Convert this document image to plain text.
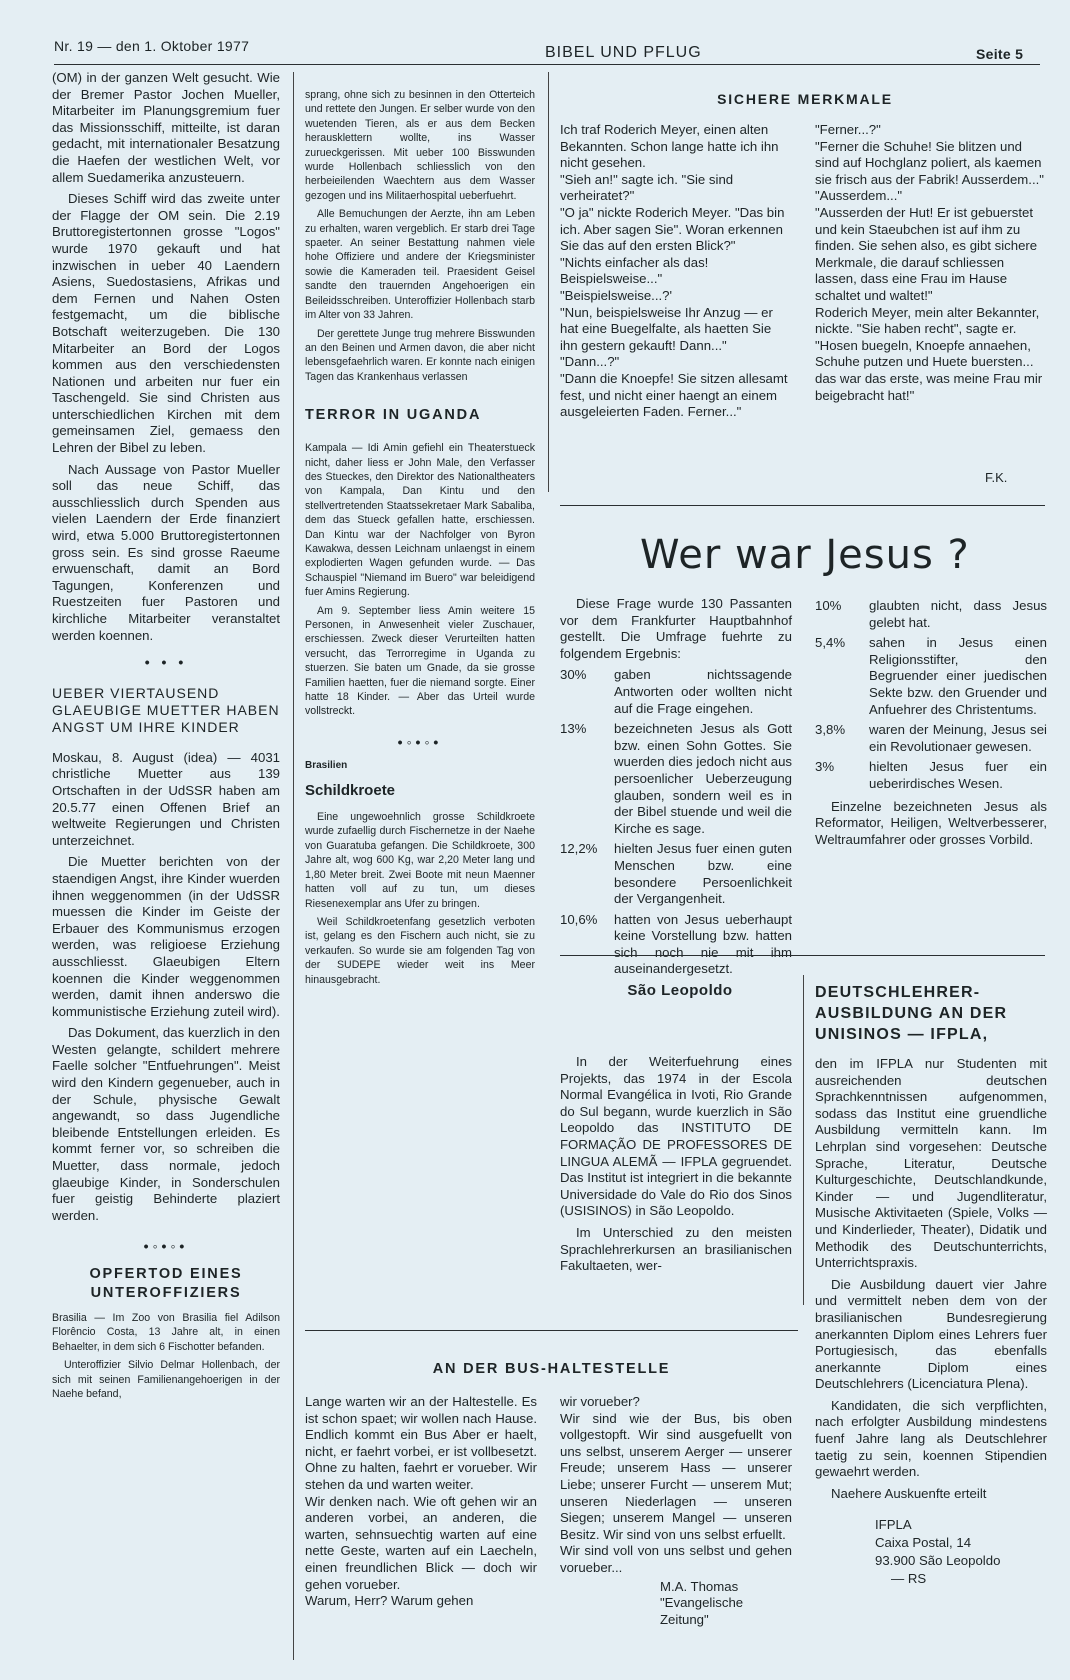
Nr. 19 — den 1. Oktober 1977	BIBEL UND PFLUG	Seite 5

(OM) in der ganzen Welt gesucht. Wie der Bremer Pastor Jochen Mueller, Mitarbeiter im Planungsgremium fuer das Missionsschiff, mitteilte, ist daran gedacht, mit internationaler Besatzung die Haefen der westlichen Welt, vor allem Suedamerika anzusteuern.

Dieses Schiff wird das zweite unter der Flagge der OM sein. Die 2.19 Bruttoregistertonnen grosse "Logos" wurde 1970 gekauft und hat inzwischen in ueber 40 Laendern Asiens, Suedostasiens, Afrikas und dem Fernen und Nahen Osten festgemacht, um die biblische Botschaft weiterzugeben. Die 130 Mitarbeiter an Bord der Logos kommen aus den verschiedensten Nationen und arbeiten nur fuer ein Taschengeld. Sie sind Christen aus unterschiedlichen Kirchen mit dem gemeinsamen Ziel, gemaess den Lehren der Bibel zu leben.

Nach Aussage von Pastor Mueller soll das neue Schiff, das ausschliesslich durch Spenden aus vielen Laendern der Erde finanziert wird, etwa 5.000 Bruttoregistertonnen gross sein. Es sind grosse Raeume erwuenschaft, damit an Bord Tagungen, Konferenzen und Ruestzeiten fuer Pastoren und kirchliche Mitarbeiter veranstaltet werden koennen.

• • •
UEBER VIERTAUSEND GLAEUBIGE MUETTER HABEN ANGST UM IHRE KINDER

Moskau, 8. August (idea) — 4031 christliche Muetter aus 139 Ortschaften in der UdSSR haben am 20.5.77 einen Offenen Brief an weltweite Regierungen und Christen unterzeichnet.

Die Muetter berichten von der staendigen Angst, ihre Kinder wuerden ihnen weggenommen (in der UdSSR muessen die Kinder im Geiste der Erbauer des Kommunismus erzogen werden, was religioese Erziehung ausschliesst. Glaeubigen Eltern koennen die Kinder weggenommen werden, damit ihnen anderswo die kommunistische Erziehung zuteil wird).

Das Dokument, das kuerzlich in den Westen gelangte, schildert mehrere Faelle solcher "Entfuehrungen". Meist wird den Kindern gegenueber, auch in der Schule, physische Gewalt angewandt, so dass Jugendliche bleibende Entstellungen erleiden. Es kommt ferner vor, so schreiben die Muetter, dass normale, jedoch glaeubige Kinder, in Sonderschulen fuer geistig Behinderte plaziert werden.

•◦•◦•
OPFERTOD EINES UNTEROFFIZIERS

Brasilia — Im Zoo von Brasilia fiel Adilson Florêncio Costa, 13 Jahre alt, in einen Behaelter, in dem sich 6 Fischotter befanden.

Unteroffizier Silvio Delmar Hollenbach, der sich mit seinen Familienangehoerigen in der Naehe befand,

sprang, ohne sich zu besinnen in den Otterteich und rettete den Jungen. Er selber wurde von den wuetenden Tieren, als er aus dem Becken herausklettern wollte, ins Wasser zurueckgerissen. Mit ueber 100 Bisswunden wurde Hollenbach schliesslich von den herbeieilenden Waechtern aus dem Wasser gezogen und ins Militaerhospital ueberfuehrt.

Alle Bemuchungen der Aerzte, ihn am Leben zu erhalten, waren vergeblich. Er starb drei Tage spaeter. An seiner Bestattung nahmen viele hohe Offiziere und andere der Kriegsminister sowie die Kameraden teil. Praesident Geisel sandte den trauernden Angehoerigen ein Beileidsschreiben. Unteroffizier Hollenbach starb im Alter von 33 Jahren.

Der gerettete Junge trug mehrere Bisswunden an den Beinen und Armen davon, die aber nicht lebensgefaehrlich waren. Er konnte nach einigen Tagen das Krankenhaus verlassen

TERROR IN UGANDA

Kampala — Idi Amin gefiehl ein Theaterstueck nicht, daher liess er John Male, den Verfasser des Stueckes, den Direktor des Nationaltheaters von Kampala, Dan Kintu und den stellvertretenden Staatssekretaer Mark Sabaliba, dem das Stueck gefallen hatte, erschiessen. Dan Kintu war der Nachfolger von Byron Kawakwa, dessen Leichnam unlaengst in einem explodierten Wagen gefunden wurde. — Das Schauspiel "Niemand im Buero" war beleidigend fuer Amins Regierung.

Am 9. September liess Amin weitere 15 Personen, in Anwesenheit vieler Zuschauer, erschiessen. Zweck dieser Verurteilten hatten versucht, das Terrorregime in Uganda zu stuerzen. Sie baten um Gnade, da sie grosse Familien haetten, fuer die niemand sorgte. Einer hatte 18 Kinder. — Aber das Urteil wurde vollstreckt.

•◦•◦•
Brasilien
Schildkroete

Eine ungewoehnlich grosse Schildkroete wurde zufaellig durch Fischernetze in der Naehe von Guaratuba gefangen. Die Schildkroete, 300 Jahre alt, wog 600 Kg, war 2,20 Meter lang und 1,80 Meter breit. Zwei Boote mit neun Maenner hatten voll auf zu tun, um dieses Riesenexemplar ans Ufer zu bringen.

Weil Schildkroetenfang gesetzlich verboten ist, gelang es den Fischern auch nicht, sie zu verkaufen. So wurde sie am folgenden Tag von der SUDEPE wieder weit ins Meer hinausgebracht.

SICHERE MERKMALE
Ich traf Roderich Meyer, einen alten Bekannten. Schon lange hatte ich ihn nicht gesehen.
"Sieh an!" sagte ich. "Sie sind verheiratet?"
"O ja" nickte Roderich Meyer. "Das bin ich. Aber sagen Sie". Woran erkennen Sie das auf den ersten Blick?"
"Nichts einfacher als das! Beispielsweise..."
"Beispielsweise...?'
"Nun, beispielsweise Ihr Anzug — er hat eine Buegelfalte, als haetten Sie ihn gestern gekauft! Dann..."
"Dann...?"
"Dann die Knoepfe! Sie sitzen allesamt fest, und nicht einer haengt an einem ausgeleierten Faden. Ferner..."
"Ferner...?"
"Ferner die Schuhe! Sie blitzen und sind auf Hochglanz poliert, als kaemen sie frisch aus der Fabrik! Ausserdem..."
"Ausserdem..."
"Ausserden der Hut! Er ist gebuerstet und kein Staeubchen ist auf ihm zu finden. Sie sehen also, es gibt sichere Merkmale, die darauf schliessen lassen, dass eine Frau im Hause schaltet und waltet!"
Roderich Meyer, mein alter Bekannter, nickte. "Sie haben recht", sagte er. "Hosen buegeln, Knoepfe annaehen, Schuhe putzen und Huete buersten... das war das erste, was meine Frau mir beigebracht hat!"
F.K.
Wer war Jesus ?

Diese Frage wurde 130 Passanten vor dem Frankfurter Hauptbahnhof gestellt. Die Umfrage fuehrte zu folgendem Ergebnis:

30%	gaben nichtssagende Antworten oder wollten nicht auf die Frage eingehen.
13%	bezeichneten Jesus als Gott bzw. einen Sohn Gottes. Sie wuerden dies jedoch nicht aus persoenlicher Ueberzeugung glauben, sondern weil es in der Bibel stuende und weil die Kirche es sage.
12,2%	hielten Jesus fuer einen guten Menschen bzw. eine besondere Persoenlichkeit der Vergangenheit.
10,6%	hatten von Jesus ueberhaupt keine Vorstellung bzw. hatten sich noch nie mit ihm auseinandergesetzt.
10%	glaubten nicht, dass Jesus gelebt hat.
5,4%	sahen in Jesus einen Religionsstifter, den Begruender einer juedischen Sekte bzw. den Gruender und Anfuehrer des Christentums.
3,8%	waren der Meinung, Jesus sei ein Revolutionaer gewesen.
3%	hielten Jesus fuer ein ueberirdisches Wesen.

Einzelne bezeichneten Jesus als Reformator, Heiligen, Weltverbesserer, Weltraumfahrer oder grosses Vorbild.

São Leopoldo

In der Weiterfuehrung eines Projekts, das 1974 in der Escola Normal Evangélica in Ivoti, Rio Grande do Sul begann, wurde kuerzlich in São Leopoldo das INSTITUTO DE FORMAÇÃO DE PROFESSORES DE LINGUA ALEMÃ — IFPLA gegruendet. Das Institut ist integriert in die bekannte Universidade do Vale do Rio dos Sinos (USISINOS) in São Leopoldo.

Im Unterschied zu den meisten Sprachlehrerkursen an brasilianischen Fakultaeten, wer-

DEUTSCHLEHRER-AUSBILDUNG AN DER UNISINOS — IFPLA,

den im IFPLA nur Studenten mit ausreichenden deutschen Sprachkenntnissen aufgenommen, sodass das Institut eine gruendliche Ausbildung vermitteln kann. Im Lehrplan sind vorgesehen: Deutsche Sprache, Literatur, Deutsche Kulturgeschichte, Deutschlandkunde, Kinder — und Jugendliteratur, Musische Aktivitaeten (Spiele, Volks — und Kinderlieder, Theater), Didatik und Methodik des Deutschunterrichts, Unterrichtspraxis.

Die Ausbildung dauert vier Jahre und vermittelt neben dem von der brasilianischen Bundesregierung anerkannten Diplom eines Lehrers fuer Portugiesisch, das ebenfalls anerkannte Diplom eines Deutschlehrers (Licenciatura Plena).

Kandidaten, die sich verpflichten, nach erfolgter Ausbildung mindestens fuenf Jahre lang als Deutschlehrer taetig zu sein, koennen Stipendien gewaehrt werden.

Naehere Auskuenfte erteilt

IFPLA
Caixa Postal, 14
93.900 São Leopoldo
— RS
AN DER BUS-HALTESTELLE
Lange warten wir an der Haltestelle. Es ist schon spaet; wir wollen nach Hause. Endlich kommt ein Bus Aber er haelt, nicht, er faehrt vorbei, er ist vollbesetzt. Ohne zu halten, faehrt er vorueber. Wir stehen da und warten weiter.
Wir denken nach. Wie oft gehen wir an anderen vorbei, an anderen, die warten, sehnsuechtig warten auf eine nette Geste, warten auf ein Laecheln, einen freundlichen Blick — doch wir gehen vorueber.
Warum, Herr? Warum gehen
wir vorueber?
Wir sind wie der Bus, bis oben vollgestopft. Wir sind ausgefuellt von uns selbst, unserem Aerger — unserer Freude; unserem Hass — unserer Liebe; unserer Furcht — unserem Mut; unseren Niederlagen — unseren Siegen; unserem Mangel — unseren Besitz. Wir sind von uns selbst erfuellt.
Wir sind voll von uns selbst und gehen vorueber...
M.A. Thomas
"Evangelische
Zeitung"
